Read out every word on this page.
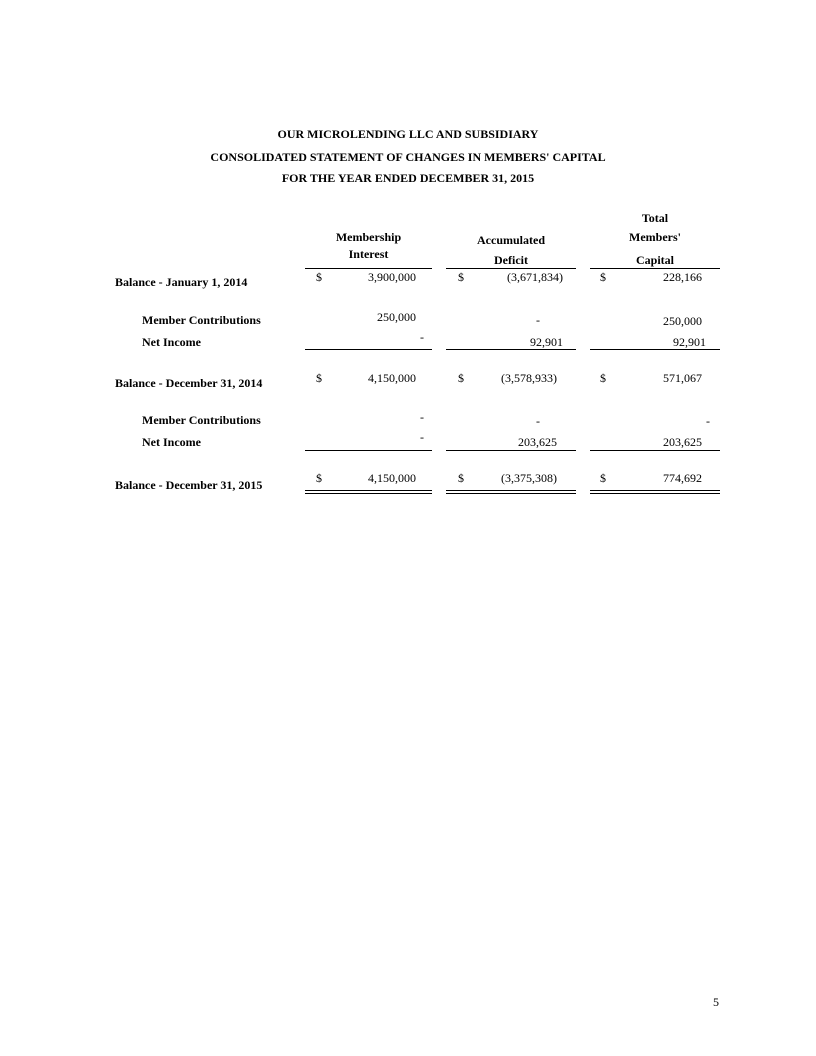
OUR MICROLENDING LLC AND SUBSIDIARY
CONSOLIDATED STATEMENT OF CHANGES IN MEMBERS' CAPITAL
FOR THE YEAR ENDED DECEMBER 31, 2015
Membership
Interest
Accumulated
Deficit
Total
Members'
Capital
Balance - January 1, 2014	$	3,900,000	$	(3,671,834)	$	228,166
Member Contributions	250,000	-	250,000
Net Income	-	92,901	92,901
Balance - December 31, 2014	$	4,150,000	$	(3,578,933)	$	571,067
Member Contributions	-	-	-
Net Income	-	203,625	203,625
Balance - December 31, 2015	$	4,150,000	$	(3,375,308)	$	774,692
5
